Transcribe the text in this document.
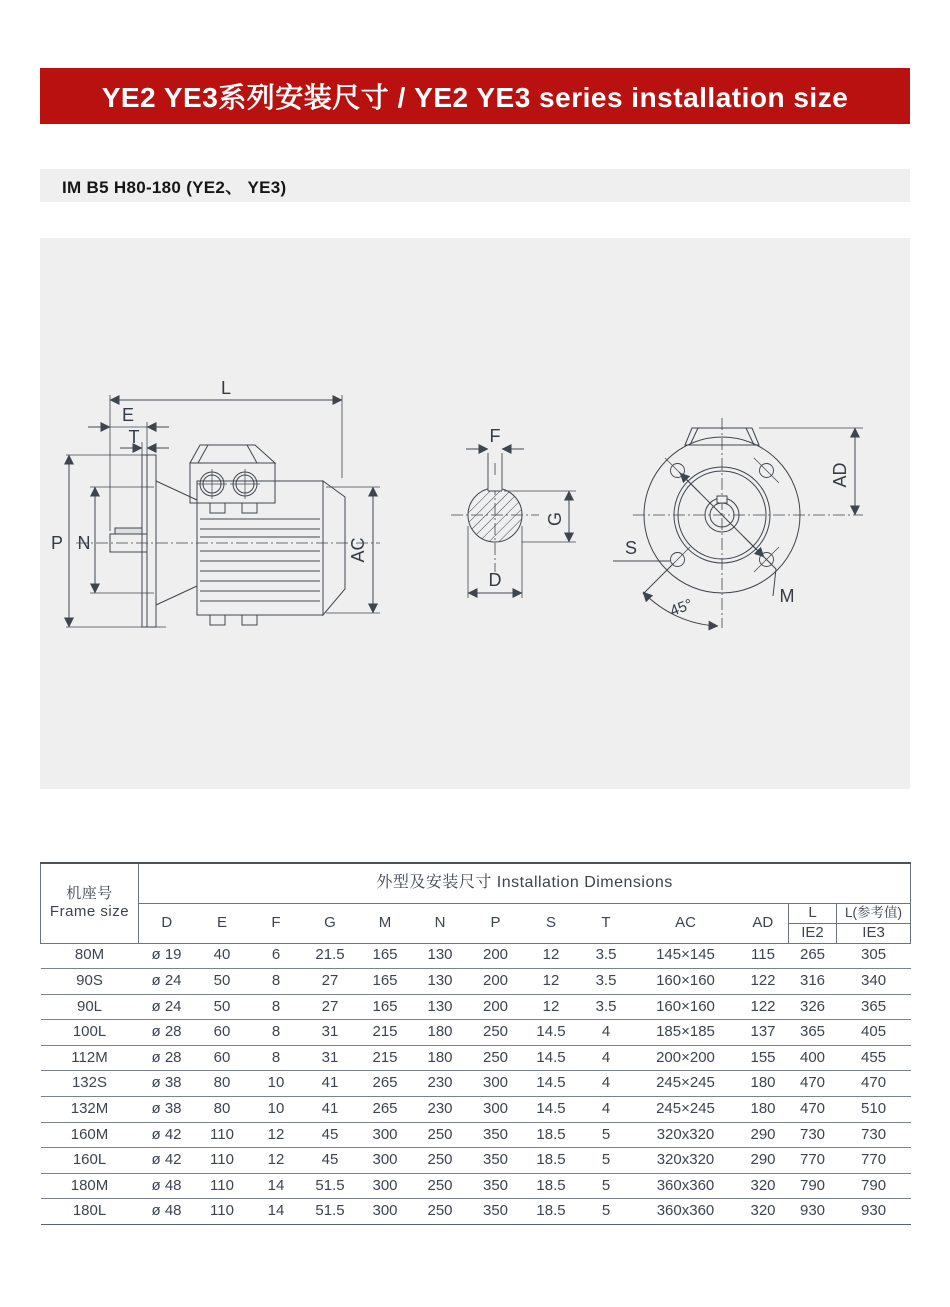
YE2 YE3系列安装尺寸 / YE2 YE3 series installation size
IM B5 H80-180 (YE2、 YE3)
L
E
T
P N	AC
F
G
D
AD
S
M
45°
机座号
Frame size	外型及安装尺寸 Installation Dimensions												
	D	E	F	G	M	N	P	S	T	AC	AD	L	L(参考值)
												IE2	IE3
80M	ø 19	40	6	21.5	165	130	200	12	3.5	145×145	115	265	305
90S	ø 24	50	8	27	165	130	200	12	3.5	160×160	122	316	340
90L	ø 24	50	8	27	165	130	200	12	3.5	160×160	122	326	365
100L	ø 28	60	8	31	215	180	250	14.5	4	185×185	137	365	405
112M	ø 28	60	8	31	215	180	250	14.5	4	200×200	155	400	455
132S	ø 38	80	10	41	265	230	300	14.5	4	245×245	180	470	470
132M	ø 38	80	10	41	265	230	300	14.5	4	245×245	180	470	510
160M	ø 42	110	12	45	300	250	350	18.5	5	320x320	290	730	730
160L	ø 42	110	12	45	300	250	350	18.5	5	320x320	290	770	770
180M	ø 48	110	14	51.5	300	250	350	18.5	5	360x360	320	790	790
180L	ø 48	110	14	51.5	300	250	350	18.5	5	360x360	320	930	930
